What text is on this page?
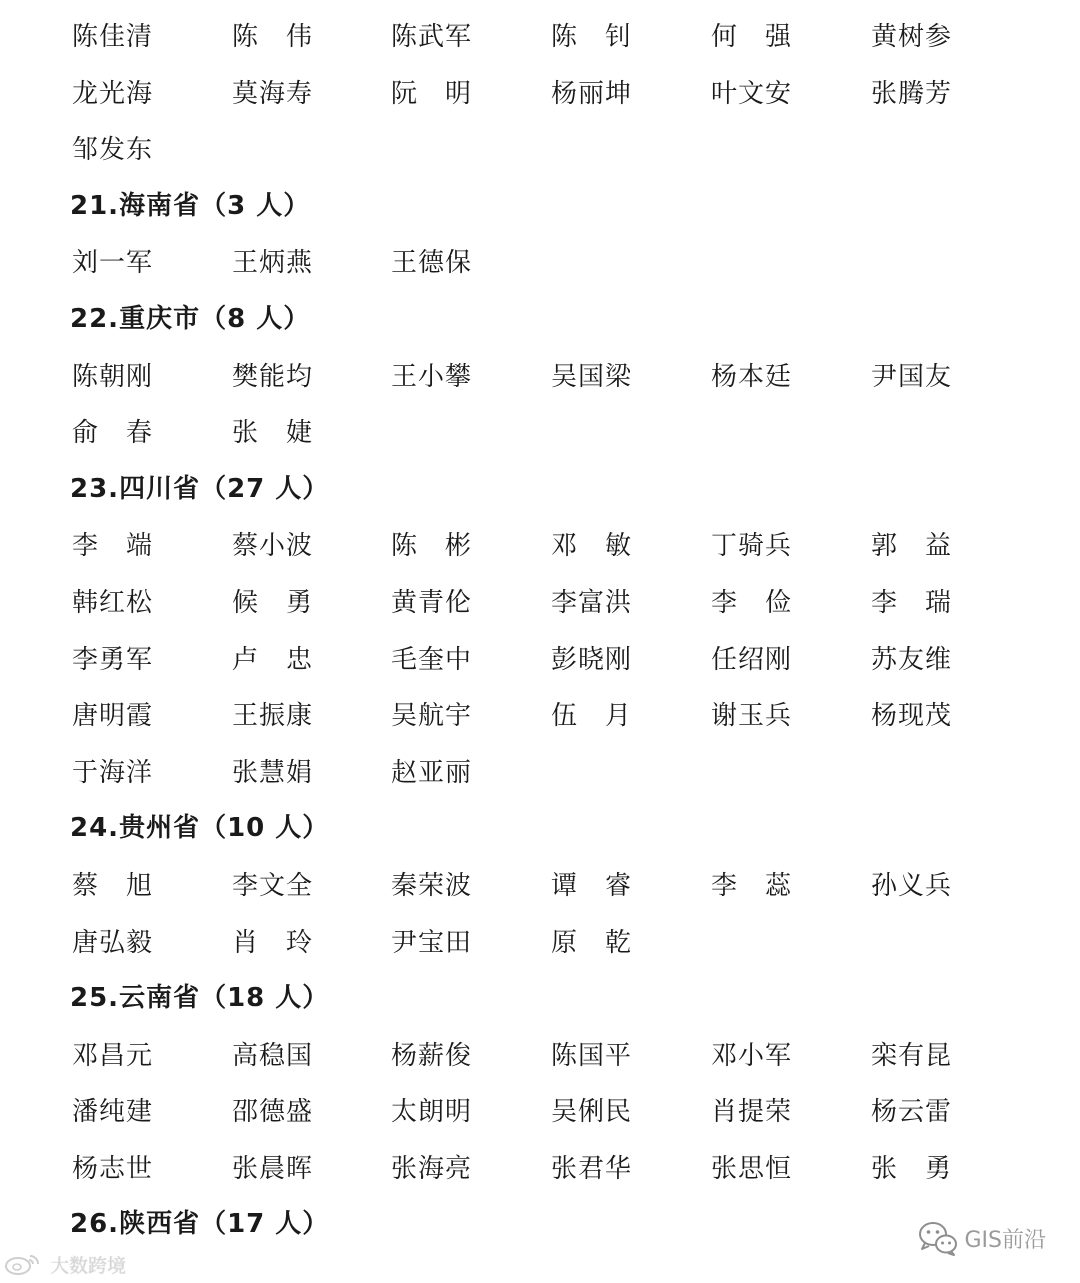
陈佳清	陈　伟	陈武军	陈　钊	何　强	黄树参
龙光海	莫海寿	阮　明	杨丽坤	叶文安	张腾芳
邹发东
21.海南省（3 人）
刘一军	王炳燕	王德保
22.重庆市（8 人）
陈朝刚	樊能均	王小攀	吴国梁	杨本廷	尹国友
俞　春	张　婕
23.四川省（27 人）
李　端	蔡小波	陈　彬	邓　敏	丁骑兵	郭　益
韩红松	候　勇	黄青伦	李富洪	李　俭	李　瑞
李勇军	卢　忠	毛奎中	彭晓刚	任绍刚	苏友维
唐明霞	王振康	吴航宇	伍　月	谢玉兵	杨现茂
于海洋	张慧娟	赵亚丽
24.贵州省（10 人）
蔡　旭	李文全	秦荣波	谭　睿	李　蕊	孙义兵
唐弘毅	肖　玲	尹宝田	原　乾
25.云南省（18 人）
邓昌元	高稳国	杨薪俊	陈国平	邓小军	栾有昆
潘纯建	邵德盛	太朗明	吴俐民	肖提荣	杨云雷
杨志世	张晨晖	张海亮	张君华	张思恒	张　勇
26.陕西省（17 人）
大数跨境
GIS前沿
